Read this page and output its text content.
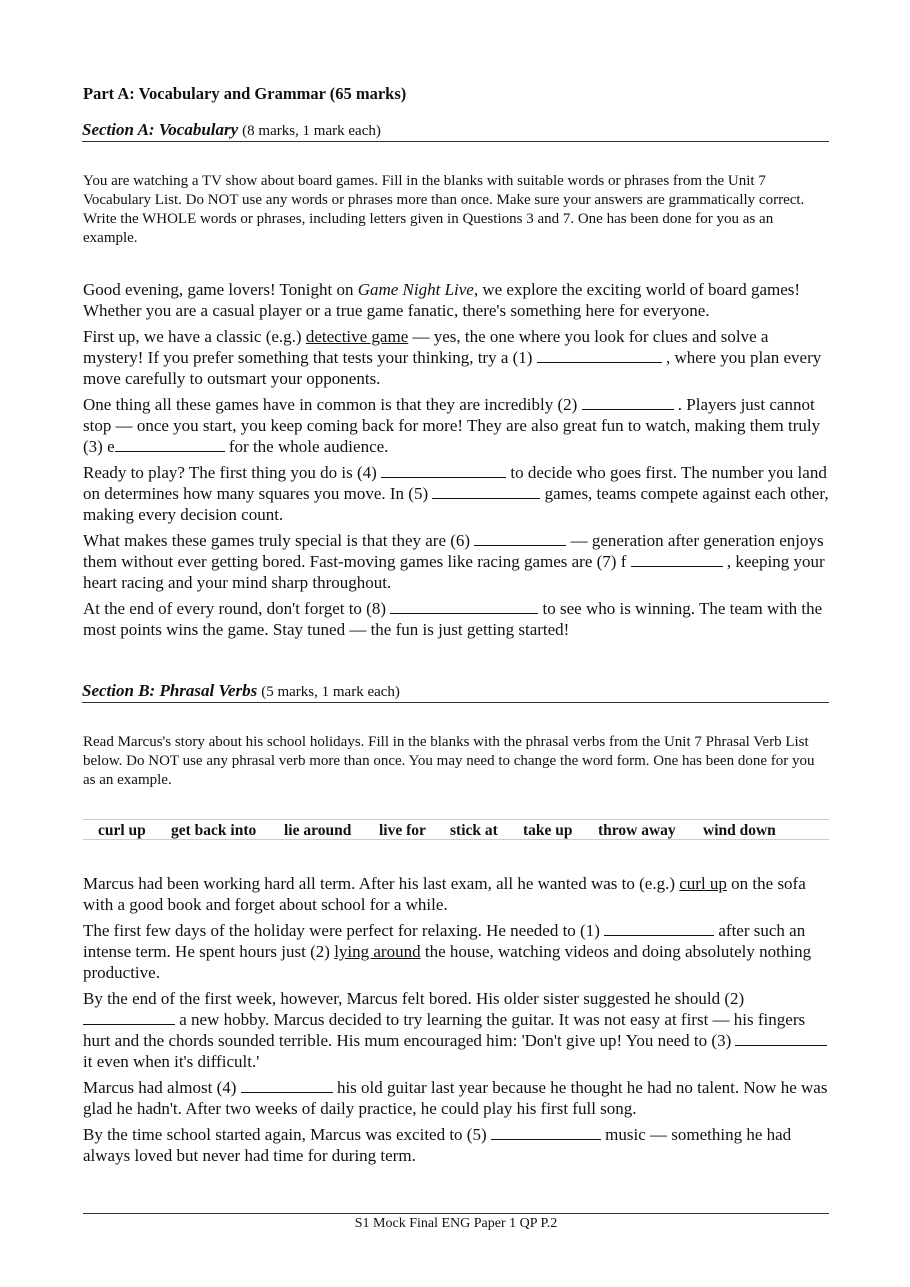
Part A: Vocabulary and Grammar (65 marks)
Section A: Vocabulary (8 marks, 1 mark each)
You are watching a TV show about board games. Fill in the blanks with suitable words or phrases from the Unit 7 Vocabulary List. Do NOT use any words or phrases more than once. Make sure your answers are grammatically correct. Write the WHOLE words or phrases, including letters given in Questions 3 and 7. One has been done for you as an example.

Good evening, game lovers! Tonight on Game Night Live, we explore the exciting world of board games! Whether you are a casual player or a true game fanatic, there's something here for everyone.

First up, we have a classic (e.g.) detective game — yes, the one where you look for clues and solve a mystery! If you prefer something that tests your thinking, try a (1)	, where you plan every move carefully to outsmart your opponents.

One thing all these games have in common is that they are incredibly (2)	. Players just cannot stop — once you start, you keep coming back for more! They are also great fun to watch, making them truly (3) e	for the whole audience.

Ready to play? The first thing you do is (4)	to decide who goes first. The number you land on determines how many squares you move. In (5)	games, teams compete against each other, making every decision count.

What makes these games truly special is that they are (6)	— generation after generation enjoys them without ever getting bored. Fast-moving games like racing games are (7) f	, keeping your heart racing and your mind sharp throughout.

At the end of every round, don't forget to (8)	to see who is winning. The team with the most points wins the game. Stay tuned — the fun is just getting started!

Section B: Phrasal Verbs (5 marks, 1 mark each)
Read Marcus's story about his school holidays. Fill in the blanks with the phrasal verbs from the Unit 7 Phrasal Verb List below. Do NOT use any phrasal verb more than once. You may need to change the word form. One has been done for you as an example.
curl up get back into lie around live for stick at take up throw away wind down

Marcus had been working hard all term. After his last exam, all he wanted was to (e.g.) curl up on the sofa with a good book and forget about school for a while.

The first few days of the holiday were perfect for relaxing. He needed to (1)	after such an intense term. He spent hours just (2) lying around the house, watching videos and doing absolutely nothing productive.

By the end of the first week, however, Marcus felt bored. His older sister suggested he should (2)  a new hobby. Marcus decided to try learning the guitar. It was not easy at first — his fingers hurt and the chords sounded terrible. His mum encouraged him: 'Don't give up! You need to (3)  it even when it's difficult.'

Marcus had almost (4)	his old guitar last year because he thought he had no talent. Now he was glad he hadn't. After two weeks of daily practice, he could play his first full song.

By the time school started again, Marcus was excited to (5)	music — something he had always loved but never had time for during term.

S1 Mock Final ENG Paper 1 QP P.2
